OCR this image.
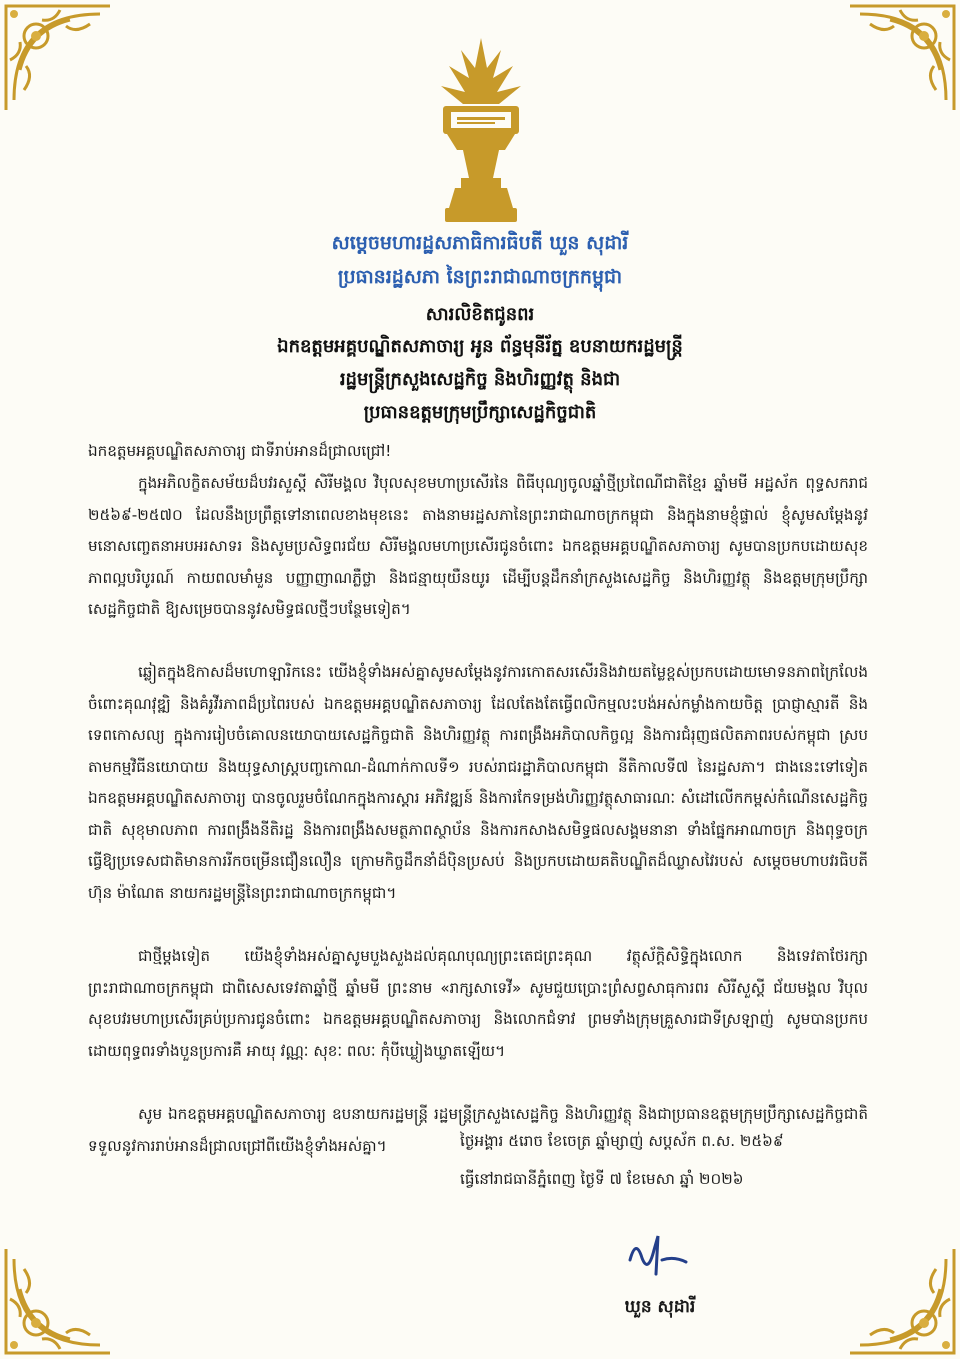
សម្តេចមហារដ្ឋសភាធិការធិបតី ឃួន សុដារី
ប្រធានរដ្ឋសភា នៃព្រះរាជាណាចក្រកម្ពុជា
សារលិខិតជូនពរ
ឯកឧត្តមអគ្គបណ្ឌិតសភាចារ្យ អូន ព័ន្ធមុនីរ័ត្ន ឧបនាយករដ្ឋមន្ត្រី
រដ្ឋមន្ត្រីក្រសួងសេដ្ឋកិច្ច និងហិរញ្ញវត្ថុ និងជា
ប្រធានឧត្តមក្រុមប្រឹក្សាសេដ្ឋកិច្ចជាតិ
ឯកឧត្តមអគ្គបណ្ឌិតសភាចារ្យ ជាទីរាប់អានដ៏ជ្រាលជ្រៅ!
ក្នុងអភិលក្ខិតសម័យដ៏បវរសួស្តី សិរីមង្គល វិបុលសុខមហាប្រសើរនៃ ពិធីបុណ្យចូលឆ្នាំថ្មីប្រពៃណីជាតិខ្មែរ ឆ្នាំមមី អដ្ឋស័ក ពុទ្ធសករាជ ២៥៦៩-២៥៧០ ដែលនឹងប្រព្រឹត្តទៅនាពេលខាងមុខនេះ តាងនាមរដ្ឋសភានៃព្រះរាជាណាចក្រកម្ពុជា និងក្នុងនាមខ្ញុំផ្ទាល់ ខ្ញុំសូមសម្តែងនូវមនោសញ្ចេតនាអបអរសាទរ និងសូមប្រសិទ្ធពរជ័យ សិរីមង្គលមហាប្រសើរជូនចំពោះ ឯកឧត្តមអគ្គបណ្ឌិតសភាចារ្យ សូមបានប្រកបដោយសុខភាពល្អបរិបូរណ៍ កាយពលមាំមួន បញ្ញាញាណភ្លឺថ្លា និងជន្មាយុយឺនយូរ ដើម្បីបន្តដឹកនាំក្រសួងសេដ្ឋកិច្ច និងហិរញ្ញវត្ថុ និងឧត្តមក្រុមប្រឹក្សាសេដ្ឋកិច្ចជាតិ ឱ្យសម្រេចបាននូវសមិទ្ធផលថ្មីៗបន្ថែមទៀត។
ឆ្លៀតក្នុងឱកាសដ៏មហោឡារិកនេះ យើងខ្ញុំទាំងអស់គ្នាសូមសម្តែងនូវការកោតសរសើរនិងវាយតម្លៃខ្ពស់ប្រកបដោយមោទនភាពក្រៃលែងចំពោះគុណវុឌ្ឍិ និងគំរូវីរភាពដ៏ប្រពៃរបស់ ឯកឧត្តមអគ្គបណ្ឌិតសភាចារ្យ ដែលតែងតែធ្វើពលិកម្មលះបង់អស់កម្លាំងកាយចិត្ត ប្រាជ្ញាស្មារតី និងទេពកោសល្យ ក្នុងការរៀបចំគោលនយោបាយសេដ្ឋកិច្ចជាតិ និងហិរញ្ញវត្ថុ ការពង្រឹងអភិបាលកិច្ចល្អ និងការជំរុញផលិតភាពរបស់កម្ពុជា ស្របតាមកម្មវិធីនយោបាយ និងយុទ្ធសាស្ត្របញ្ចកោណ-ដំណាក់កាលទី១ របស់រាជរដ្ឋាភិបាលកម្ពុជា នីតិកាលទី៧ នៃរដ្ឋសភា។ ជាងនេះទៅទៀត ឯកឧត្តមអគ្គបណ្ឌិតសភាចារ្យ បានចូលរួមចំណែកក្នុងការស្តារ អភិវឌ្ឍន៍ និងការកែទម្រង់ហិរញ្ញវត្ថុសាធារណៈ សំដៅលើកកម្ពស់កំណើនសេដ្ឋកិច្ចជាតិ សុខុមាលភាព ការពង្រឹងនីតិរដ្ឋ និងការពង្រឹងសមត្ថភាពស្ថាប័ន និងការកសាងសមិទ្ធផលសង្គមនានា ទាំងផ្នែកអាណាចក្រ និងពុទ្ធចក្រ ធ្វើឱ្យប្រទេសជាតិមានការរីកចម្រើនជឿនលឿន ក្រោមកិច្ចដឹកនាំដ៏ប៉ិនប្រសប់ និងប្រកបដោយគតិបណ្ឌិតដ៏ឈ្លាសវៃរបស់ សម្តេចមហាបវរធិបតី ហ៊ុន ម៉ាណែត នាយករដ្ឋមន្ត្រីនៃព្រះរាជាណាចក្រកម្ពុជា។
ជាថ្មីម្តងទៀត យើងខ្ញុំទាំងអស់គ្នាសូមបួងសួងដល់គុណបុណ្យព្រះតេជព្រះគុណ វត្ថុស័ក្តិសិទ្ធិក្នុងលោក និងទេវតាថែរក្សាព្រះរាជាណាចក្រកម្ពុជា ជាពិសេសទេវតាឆ្នាំថ្មី ឆ្នាំមមី ព្រះនាម «រាក្សសាទេវី» សូមជួយប្រោះព្រំសព្វសាធុការពរ សិរីសួស្តី ជ័យមង្គល វិបុលសុខបវរមហាប្រសើរគ្រប់ប្រការជូនចំពោះ ឯកឧត្តមអគ្គបណ្ឌិតសភាចារ្យ និងលោកជំទាវ ព្រមទាំងក្រុមគ្រួសារជាទីស្រឡាញ់ សូមបានប្រកបដោយពុទ្ធពរទាំងបួនប្រការគឺ អាយុ វណ្ណៈ សុខៈ ពលៈ កុំបីឃ្លៀងឃ្លាតឡើយ។
សូម ឯកឧត្តមអគ្គបណ្ឌិតសភាចារ្យ ឧបនាយករដ្ឋមន្ត្រី រដ្ឋមន្ត្រីក្រសួងសេដ្ឋកិច្ច និងហិរញ្ញវត្ថុ និងជាប្រធានឧត្តមក្រុមប្រឹក្សាសេដ្ឋកិច្ចជាតិ ទទួលនូវការរាប់អានដ៏ជ្រាលជ្រៅពីយើងខ្ញុំទាំងអស់គ្នា។	ថ្ងៃអង្គារ ៥រោច ខែចេត្រ ឆ្នាំម្សាញ់ សប្តស័ក ព.ស. ២៥៦៩
ធ្វើនៅរាជធានីភ្នំពេញ ថ្ងៃទី ៧ ខែមេសា ឆ្នាំ ២០២៦
ឃួន សុដារី
